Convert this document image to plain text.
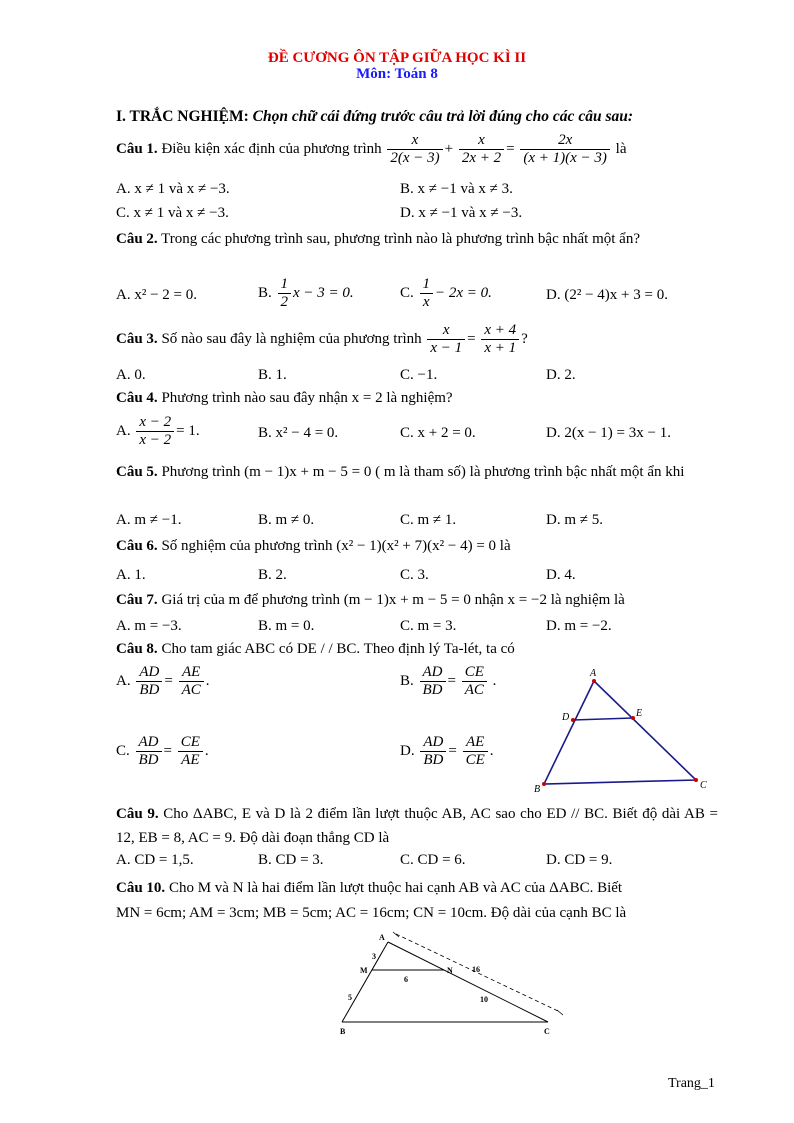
ĐỀ CƯƠNG ÔN TẬP GIỮA HỌC KÌ II
Môn: Toán 8
I. TRẮC NGHIỆM: Chọn chữ cái đứng trước câu trả lời đúng cho các câu sau:
Câu 1. Điều kiện xác định của phương trình $\frac{x}{2(x - 3)} + \frac{x}{2x + 2} = \frac{2x}{(x + 1)(x - 3)}$ là
A. x ≠ 1 và x ≠ −3.	B. x ≠ −1 và x ≠ 3.
C. x ≠ 1 và x ≠ −3.	D. x ≠ −1 và x ≠ −3.
Câu 2. Trong các phương trình sau, phương trình nào là phương trình bậc nhất một ẩn?
A. x² − 2 = 0.	B. $\frac{1}{2}$ x − 3 = 0.	C. $\frac{1}{x} - 2x = 0$.	D. (2² − 4)x + 3 = 0.
Câu 3. Số nào sau đây là nghiệm của phương trình $\frac{x}{x - 1} = \frac{x + 4}{x + 1}$ ?
A. 0.	B. 1.	C. −1.	D. 2.
Câu 4. Phương trình nào sau đây nhận x = 2 là nghiệm?
A. $\frac{x - 2}{x - 2} = 1$.	B. x² − 4 = 0.	C. x + 2 = 0.	D. 2(x − 1) = 3x − 1.
Câu 5. Phương trình (m − 1)x + m − 5 = 0 ( m là tham số) là phương trình bậc nhất một ẩn khi
A. m ≠ −1.	B. m ≠ 0.	C. m ≠ 1.	D. m ≠ 5.
Câu 6. Số nghiệm của phương trình (x² − 1)(x² + 7)(x² − 4) = 0 là
A. 1.	B. 2.	C. 3.	D. 4.
Câu 7. Giá trị của m để phương trình (m − 1)x + m − 5 = 0 nhận x = −2 là nghiệm là
A. m = −3.	B. m = 0.	C. m = 3.	D. m = −2.
Câu 8. Cho tam giác ABC có DE / / BC. Theo định lý Ta-lét, ta có
A. $\frac{AD}{BD} = \frac{AE}{AC}$ .	B. $\frac{AD}{BD} = \frac{CE}{AC}$ .
C. $\frac{AD}{BD} = \frac{CE}{AE}$ .	D. $\frac{AD}{BD} = \frac{AE}{CE}$ .
A
B	C
D	E
Câu 9. Cho ΔABC, E và D là 2 điểm lần lượt thuộc AB, AC sao cho ED // BC. Biết độ dài AB = 12, EB = 8, AC = 9. Độ dài đoạn thẳng CD là
A. CD = 1,5.	B. CD = 3.	C. CD = 6.	D. CD = 9.
Câu 10. Cho M và N là hai điểm lần lượt thuộc hai cạnh AB và AC của ΔABC. Biết
MN = 6cm; AM = 3cm; MB = 5cm; AC = 16cm; CN = 10cm. Độ dài của cạnh BC là
A
M	N
B	C
3
5
6
16
10
Trang_1
